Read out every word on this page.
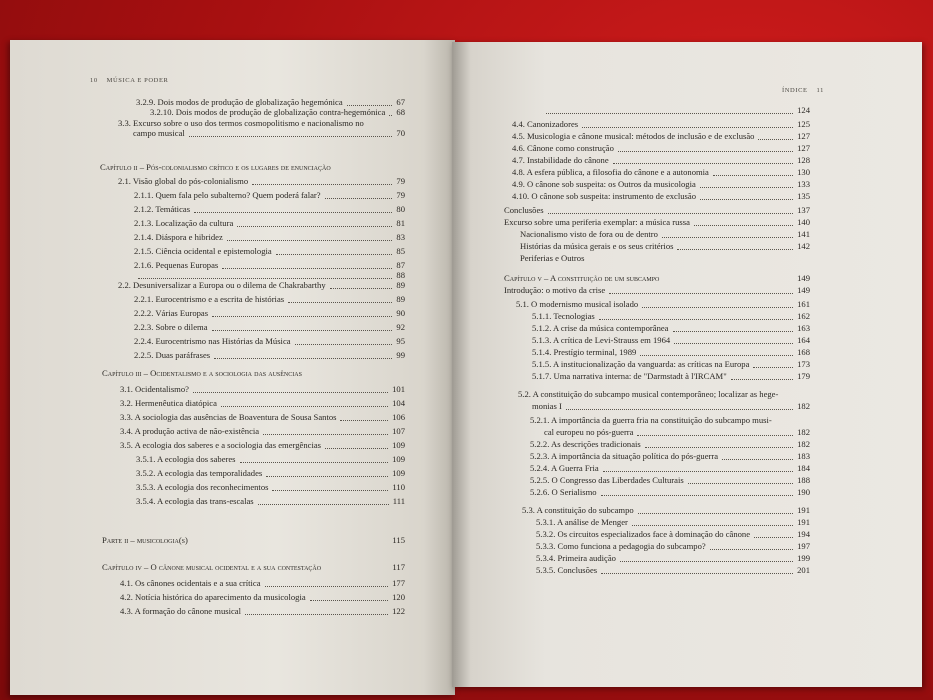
10 MÚSICA E PODER
3.2.9. Dois modos de produção de globalização hegemónica	67
3.2.10. Dois modos de produção de globalização contra-hegemónica 68
3.3. Excurso sobre o uso dos termos cosmopolitismo e nacionalismo no
campo musical	70
Capítulo ii – Pós-colonialismo crítico e os lugares de enunciação
2.1. Visão global do pós-colonialismo	79
2.1.1. Quem fala pelo subalterno? Quem poderá falar?	79
2.1.2. Temáticas	80
2.1.3. Localização da cultura	81
2.1.4. Diáspora e hibridez	83
2.1.5. Ciência ocidental e epistemologia	85
2.1.6. Pequenas Europas	87
88
2.2. Desuniversalizar a Europa ou o dilema de Chakrabarthy	89
2.2.1. Eurocentrismo e a escrita de histórias	89
2.2.2. Várias Europas	90
2.2.3. Sobre o dilema	92
2.2.4. Eurocentrismo nas Histórias da Música	95
2.2.5. Duas paráfrases	99
Capítulo iii – Ocidentalismo e a sociologia das ausências
3.1. Ocidentalismo?	101
3.2. Hermenêutica diatópica	104
3.3. A sociologia das ausências de Boaventura de Sousa Santos	106
3.4. A produção activa de não-existência	107
3.5. A ecologia dos saberes e a sociologia das emergências	109
3.5.1. A ecologia dos saberes	109
3.5.2. A ecologia das temporalidades	109
3.5.3. A ecologia dos reconhecimentos	110
3.5.4. A ecologia das trans-escalas	111
Parte ii – musicologia(s)	115
Capítulo iv – O cânone musical ocidental e a sua contestação	117
4.1. Os cânones ocidentais e a sua crítica	177
4.2. Notícia histórica do aparecimento da musicologia	120
4.3. A formação do cânone musical	122
ÍNDICE 11
124
4.4. Canonizadores	125
4.5. Musicologia e cânone musical: métodos de inclusão e de exclusão	127
4.6. Cânone como construção	127
4.7. Instabilidade do cânone	128
4.8. A esfera pública, a filosofia do cânone e a autonomia	130
4.9. O cânone sob suspeita: os Outros da musicologia	133
4.10. O cânone sob suspeita: instrumento de exclusão	135
Conclusões	137
Excurso sobre uma periferia exemplar: a música russa	140
Nacionalismo visto de fora ou de dentro	141
Histórias da música gerais e os seus critérios	142
Periferias e Outros
Capítulo v – A constituição de um subcampo	149
Introdução: o motivo da crise	149
5.1. O modernismo musical isolado	161
5.1.1. Tecnologias	162
5.1.2. A crise da música contemporânea	163
5.1.3. A crítica de Levi-Strauss em 1964	164
5.1.4. Prestígio terminal, 1989	168
5.1.5. A institucionalização da vanguarda: as críticas na Europa	173
5.1.7. Uma narrativa interna: de "Darmstadt à l'IRCAM"	179
5.2. A constituição do subcampo musical contemporâneo; localizar as hege-
monias I	182
5.2.1. A importância da guerra fria na constituição do subcampo musi-
cal europeu no pós-guerra	182
5.2.2. As descrições tradicionais	182
5.2.3. A importância da situação política do pós-guerra	183
5.2.4. A Guerra Fria	184
5.2.5. O Congresso das Liberdades Culturais	188
5.2.6. O Serialismo	190
5.3. A constituição do subcampo	191
5.3.1. A análise de Menger	191
5.3.2. Os circuitos especializados face à dominação do cânone	194
5.3.3. Como funciona a pedagogia do subcampo?	197
5.3.4. Primeira audição	199
5.3.5. Conclusões	201
